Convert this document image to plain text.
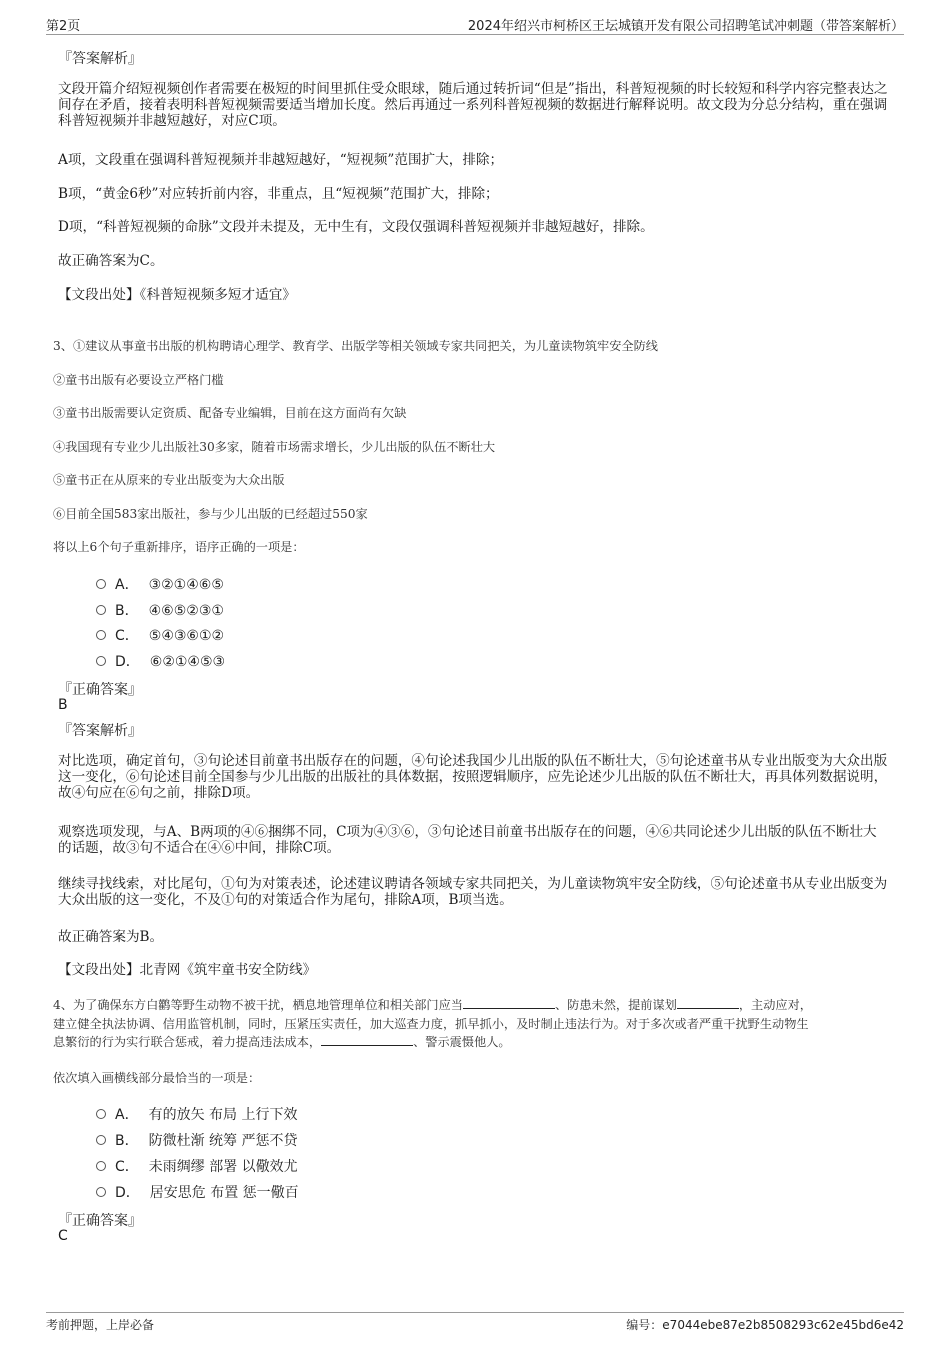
第2页	2024年绍兴市柯桥区王坛城镇开发有限公司招聘笔试冲刺题（带答案解析）
『答案解析』
文段开篇介绍短视频创作者需要在极短的时间里抓住受众眼球，随后通过转折词“但是”指出，科普短视频的时长较短和科学内容完整表达之间存在矛盾，接着表明科普短视频需要适当增加长度。然后再通过一系列科普短视频的数据进行解释说明。故文段为分总分结构，重在强调科普短视频并非越短越好，对应C项。
A项，文段重在强调科普短视频并非越短越好，“短视频”范围扩大，排除；
B项，“黄金6秒”对应转折前内容，非重点，且“短视频”范围扩大，排除；
D项，“科普短视频的命脉”文段并未提及，无中生有，文段仅强调科普短视频并非越短越好，排除。
故正确答案为C。
【文段出处】《科普短视频多短才适宜》
3、①建议从事童书出版的机构聘请心理学、教育学、出版学等相关领域专家共同把关，为儿童读物筑牢安全防线
②童书出版有必要设立严格门槛
③童书出版需要认定资质、配备专业编辑，目前在这方面尚有欠缺
④我国现有专业少儿出版社30多家，随着市场需求增长，少儿出版的队伍不断壮大
⑤童书正在从原来的专业出版变为大众出版
⑥目前全国583家出版社，参与少儿出版的已经超过550家
将以上6个句子重新排序，语序正确的一项是：
A． ③②①④⑥⑤
B． ④⑥⑤②③①
C． ⑤④③⑥①②
D． ⑥②①④⑤③
『正确答案』
B
『答案解析』
对比选项，确定首句，③句论述目前童书出版存在的问题，④句论述我国少儿出版的队伍不断壮大，⑤句论述童书从专业出版变为大众出版这一变化，⑥句论述目前全国参与少儿出版的出版社的具体数据，按照逻辑顺序，应先论述少儿出版的队伍不断壮大，再具体列数据说明，故④句应在⑥句之前，排除D项。
观察选项发现，与A、B两项的④⑥捆绑不同，C项为④③⑥，③句论述目前童书出版存在的问题，④⑥共同论述少儿出版的队伍不断壮大的话题，故③句不适合在④⑥中间，排除C项。
继续寻找线索，对比尾句，①句为对策表述，论述建议聘请各领域专家共同把关，为儿童读物筑牢安全防线，⑤句论述童书从专业出版变为大众出版的这一变化，不及①句的对策适合作为尾句，排除A项，B项当选。
故正确答案为B。
【文段出处】北青网《筑牢童书安全防线》
4、为了确保东方白鹳等野生动物不被干扰，栖息地管理单位和相关部门应当	、防患未然，提前谋划	，主动应对，
建立健全执法协调、信用监管机制，同时，压紧压实责任，加大巡查力度，抓早抓小，及时制止违法行为。对于多次或者严重干扰野生动物生
息繁衍的行为实行联合惩戒，着力提高违法成本，	、警示震慑他人。
依次填入画横线部分最恰当的一项是：
A． 有的放矢 布局 上行下效
B． 防微杜渐 统筹 严惩不贷
C． 未雨绸缪 部署 以儆效尤
D． 居安思危 布置 惩一儆百
『正确答案』
C
考前押题，上岸必备	编号：e7044ebe87e2b8508293c62e45bd6e42
